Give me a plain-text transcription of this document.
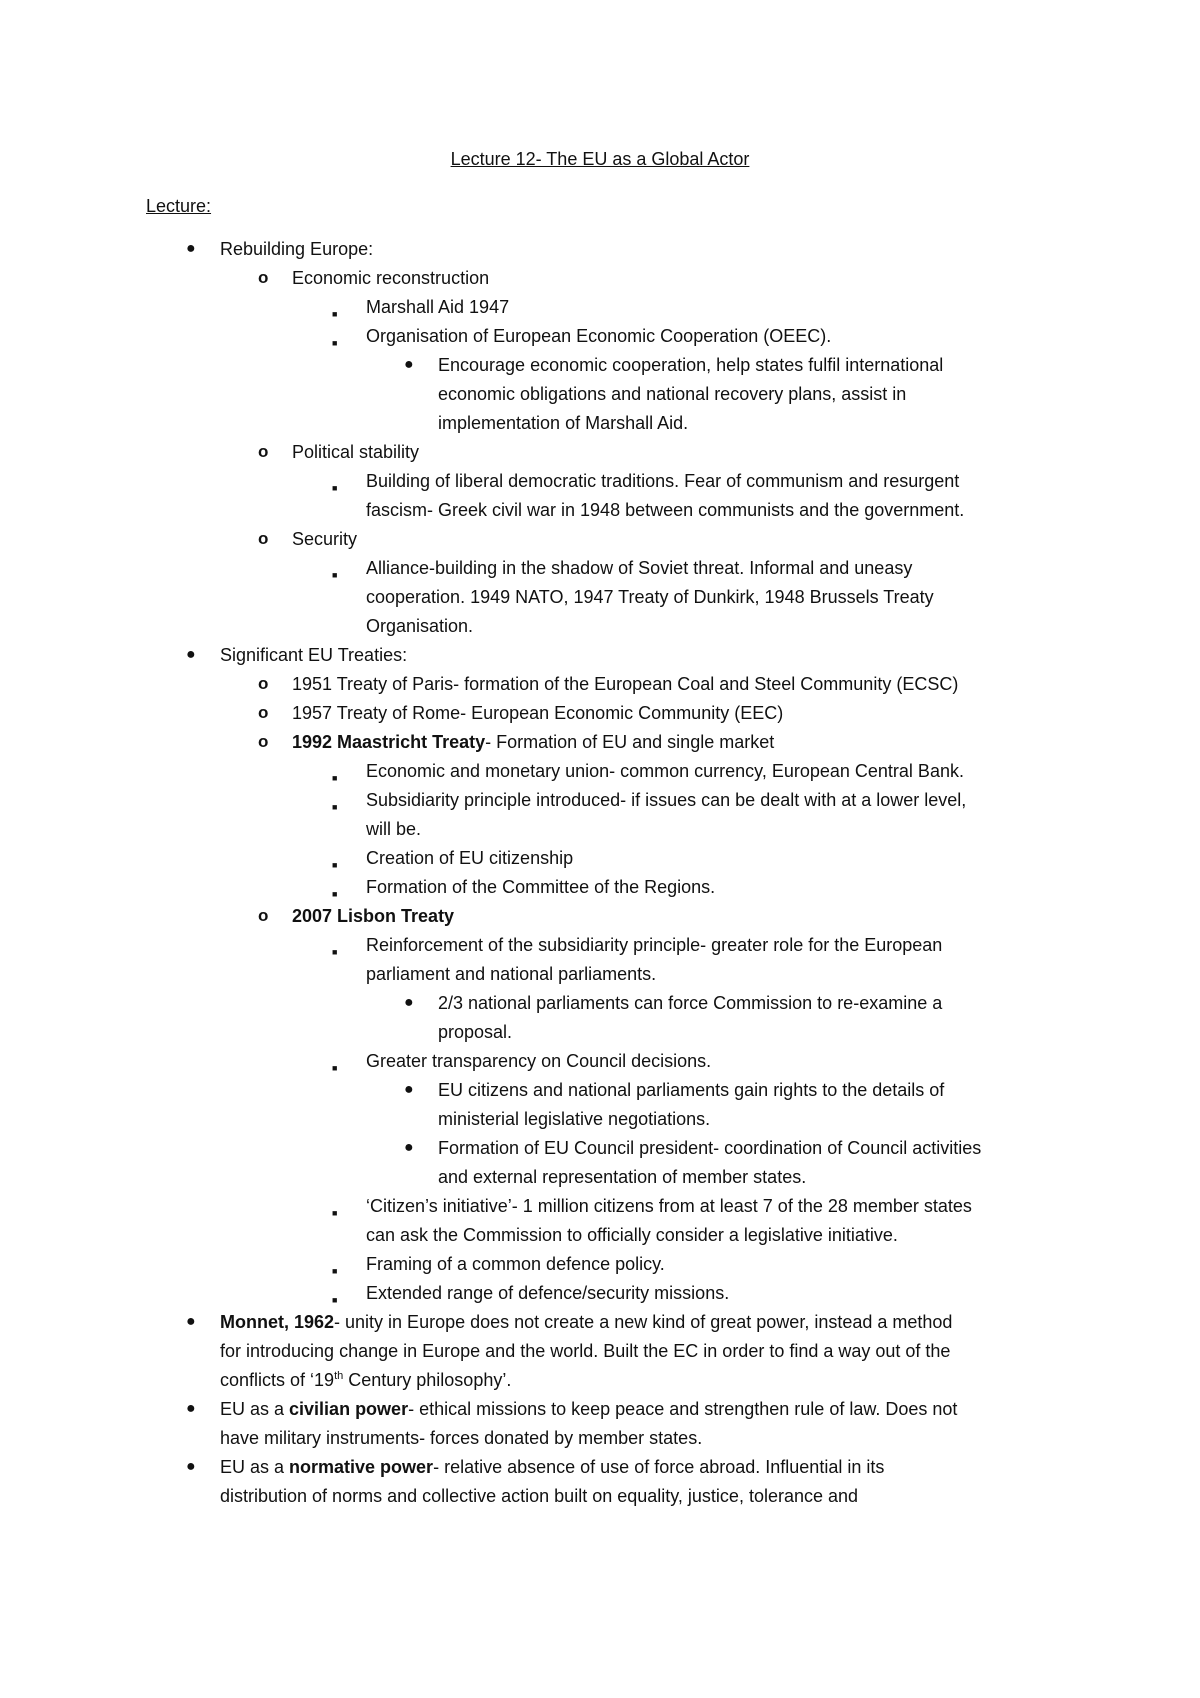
Lecture 12- The EU as a Global Actor
Lecture:
● Rebuilding Europe:
o Economic reconstruction
■ Marshall Aid 1947
■ Organisation of European Economic Cooperation (OEEC).
● Encourage economic cooperation, help states fulfil international
economic obligations and national recovery plans, assist in
implementation of Marshall Aid.
o Political stability
■ Building of liberal democratic traditions. Fear of communism and resurgent
fascism- Greek civil war in 1948 between communists and the government.
o Security
■ Alliance-building in the shadow of Soviet threat. Informal and uneasy
cooperation. 1949 NATO, 1947 Treaty of Dunkirk, 1948 Brussels Treaty
Organisation.
● Significant EU Treaties:
o 1951 Treaty of Paris- formation of the European Coal and Steel Community (ECSC)
o 1957 Treaty of Rome- European Economic Community (EEC)
o 1992 Maastricht Treaty- Formation of EU and single market
■ Economic and monetary union- common currency, European Central Bank.
■ Subsidiarity principle introduced- if issues can be dealt with at a lower level,
will be.
■ Creation of EU citizenship
■ Formation of the Committee of the Regions.
o 2007 Lisbon Treaty
■ Reinforcement of the subsidiarity principle- greater role for the European
parliament and national parliaments.
● 2/3 national parliaments can force Commission to re-examine a
proposal.
■ Greater transparency on Council decisions.
● EU citizens and national parliaments gain rights to the details of
ministerial legislative negotiations.
● Formation of EU Council president- coordination of Council activities
and external representation of member states.
■ ‘Citizen’s initiative’- 1 million citizens from at least 7 of the 28 member states
can ask the Commission to officially consider a legislative initiative.
■ Framing of a common defence policy.
■ Extended range of defence/security missions.
● Monnet, 1962- unity in Europe does not create a new kind of great power, instead a method
for introducing change in Europe and the world. Built the EC in order to find a way out of the
conflicts of ‘19th Century philosophy’.
● EU as a civilian power- ethical missions to keep peace and strengthen rule of law. Does not
have military instruments- forces donated by member states.
● EU as a normative power- relative absence of use of force abroad. Influential in its
distribution of norms and collective action built on equality, justice, tolerance and
